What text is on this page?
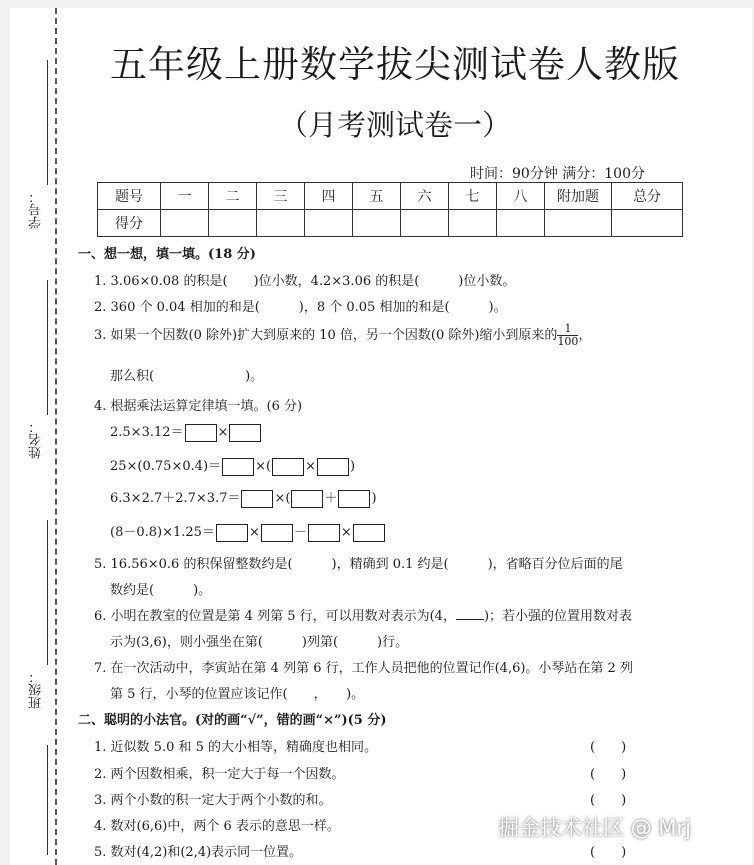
学号：
姓名：
班级：
五年级上册数学拔尖测试卷人教版
（月考测试卷一）
时间：90分钟 满分：100分
题号	一	二	三	四	五	六	七	八	附加题	总分
得分										
一、想一想，填一填。(18 分)
1. 3.06×0.08 的积是(　　)位小数，4.2×3.06 的积是(　　　)位小数。
2. 360 个 0.04 相加的和是(　　　)，8 个 0.05 相加的和是(　　　)。
3. 如果一个因数(0 除外)扩大到原来的 10 倍，另一个因数(0 除外)缩小到原来的 $\frac{1}{100}$ ，
那么积(　　　　　　　)。
4. 根据乘法运算定律填一填。(6 分)
2.5×3.12＝	×
25×(0.75×0.4)＝	×(	×	)
6.3×2.7＋2.7×3.7＝	×(	＋	)
(8－0.8)×1.25＝	×	－	×
5. 16.56×0.6 的积保留整数约是(　　　)，精确到 0.1 约是(　　　)，省略百分位后面的尾
数约是(　　　)。
6. 小明在教室的位置是第 4 列第 5 行，可以用数对表示为(4， )；若小强的位置用数对表
示为(3,6)，则小强坐在第(　　　)列第(　　　)行。
7. 在一次活动中，李寅站在第 4 列第 6 行，工作人员把他的位置记作(4,6)。小琴站在第 2 列
第 5 行，小琴的位置应该记作(　　，　　)。
二、聪明的小法官。(对的画“√”，错的画“×”)(5 分)
1. 近似数 5.0 和 5 的大小相等，精确度也相同。	(　　)
2. 两个因数相乘，积一定大于每一个因数。	(　　)
3. 两个小数的积一定大于两个小数的和。	(　　)
4. 数对(6,6)中，两个 6 表示的意思一样。
5. 数对(4,2)和(2,4)表示同一位置。	(　　)
掘金技术社区 @ Mrj
